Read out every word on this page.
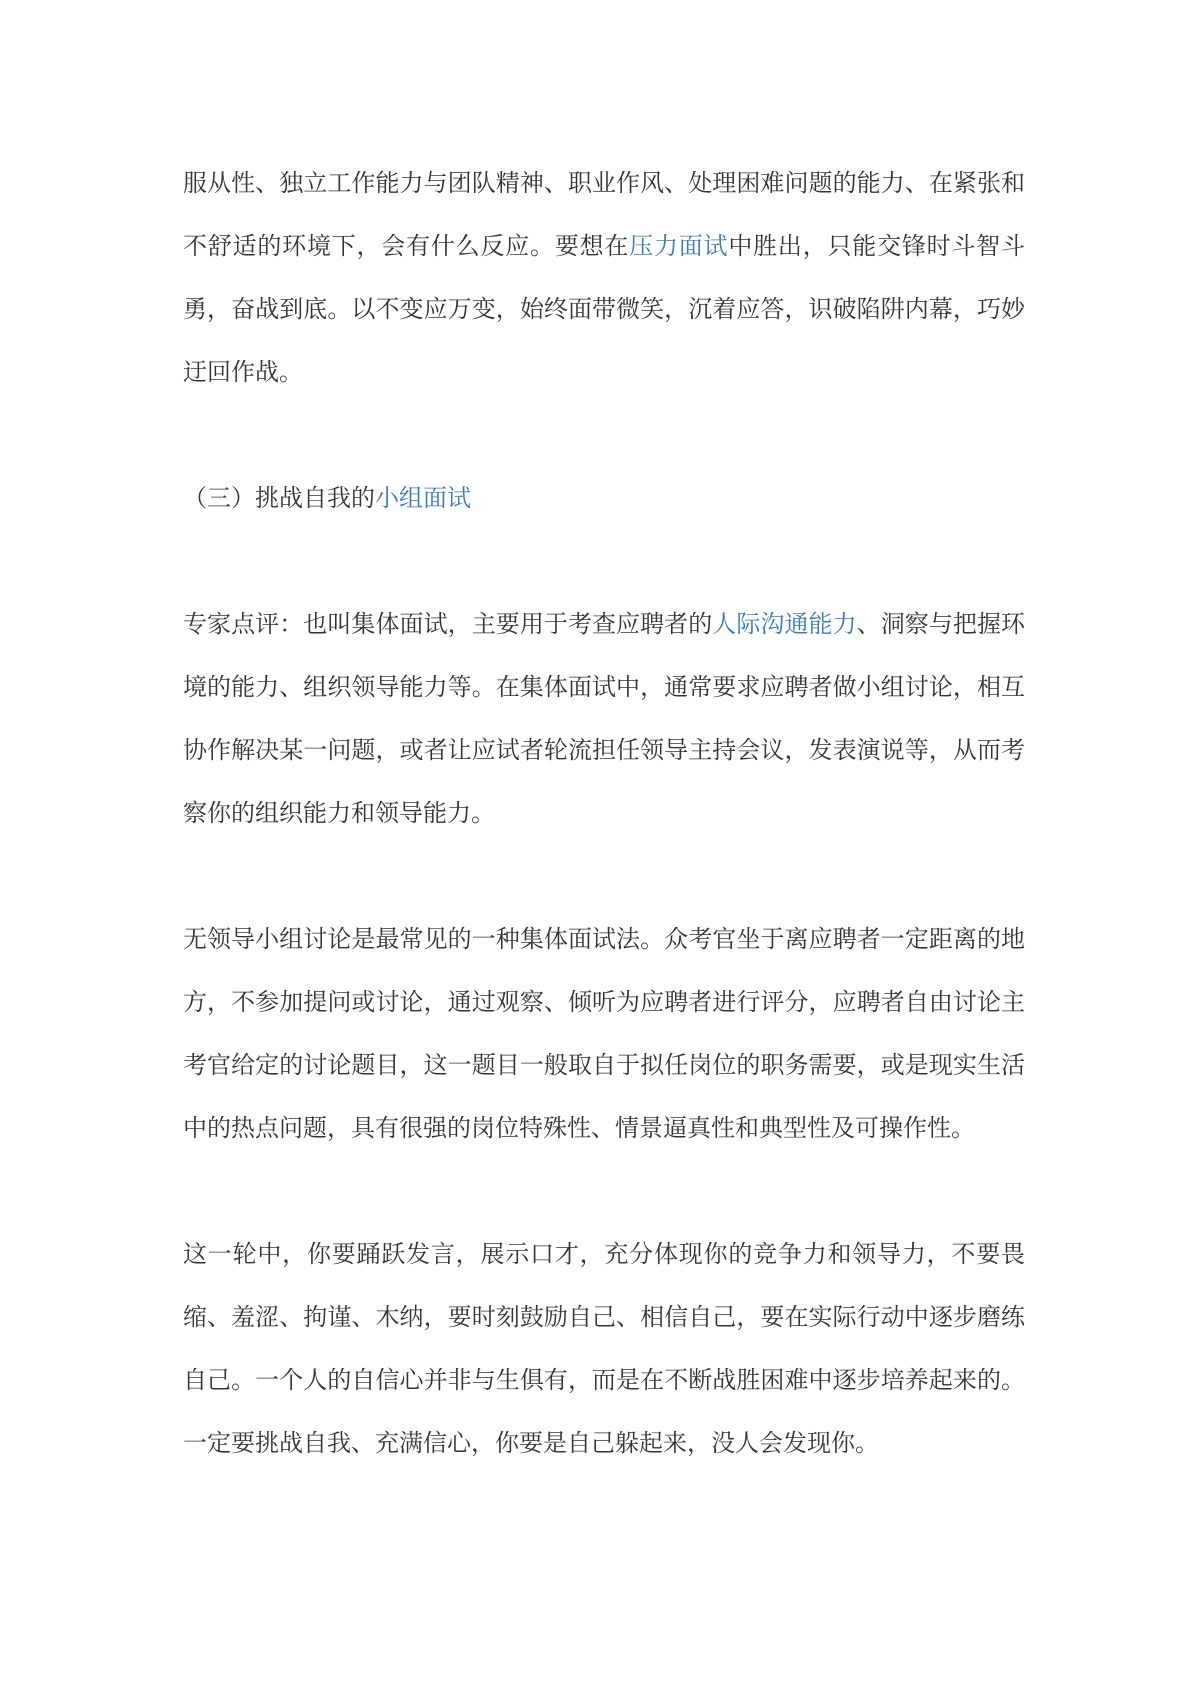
服从性、独立工作能力与团队精神、职业作风、处理困难问题的能力、在紧张和不舒适的环境下，会有什么反应。要想在压力面试中胜出，只能交锋时斗智斗勇，奋战到底。以不变应万变，始终面带微笑，沉着应答，识破陷阱内幕，巧妙迂回作战。

（三）挑战自我的小组面试

专家点评：也叫集体面试，主要用于考查应聘者的人际沟通能力、洞察与把握环境的能力、组织领导能力等。在集体面试中，通常要求应聘者做小组讨论，相互协作解决某一问题，或者让应试者轮流担任领导主持会议，发表演说等，从而考察你的组织能力和领导能力。

无领导小组讨论是最常见的一种集体面试法。众考官坐于离应聘者一定距离的地方，不参加提问或讨论，通过观察、倾听为应聘者进行评分，应聘者自由讨论主考官给定的讨论题目，这一题目一般取自于拟任岗位的职务需要，或是现实生活中的热点问题，具有很强的岗位特殊性、情景逼真性和典型性及可操作性。

这一轮中，你要踊跃发言，展示口才，充分体现你的竞争力和领导力，不要畏缩、羞涩、拘谨、木纳，要时刻鼓励自己、相信自己，要在实际行动中逐步磨练自己。一个人的自信心并非与生俱有，而是在不断战胜困难中逐步培养起来的。一定要挑战自我、充满信心，你要是自己躲起来，没人会发现你。
